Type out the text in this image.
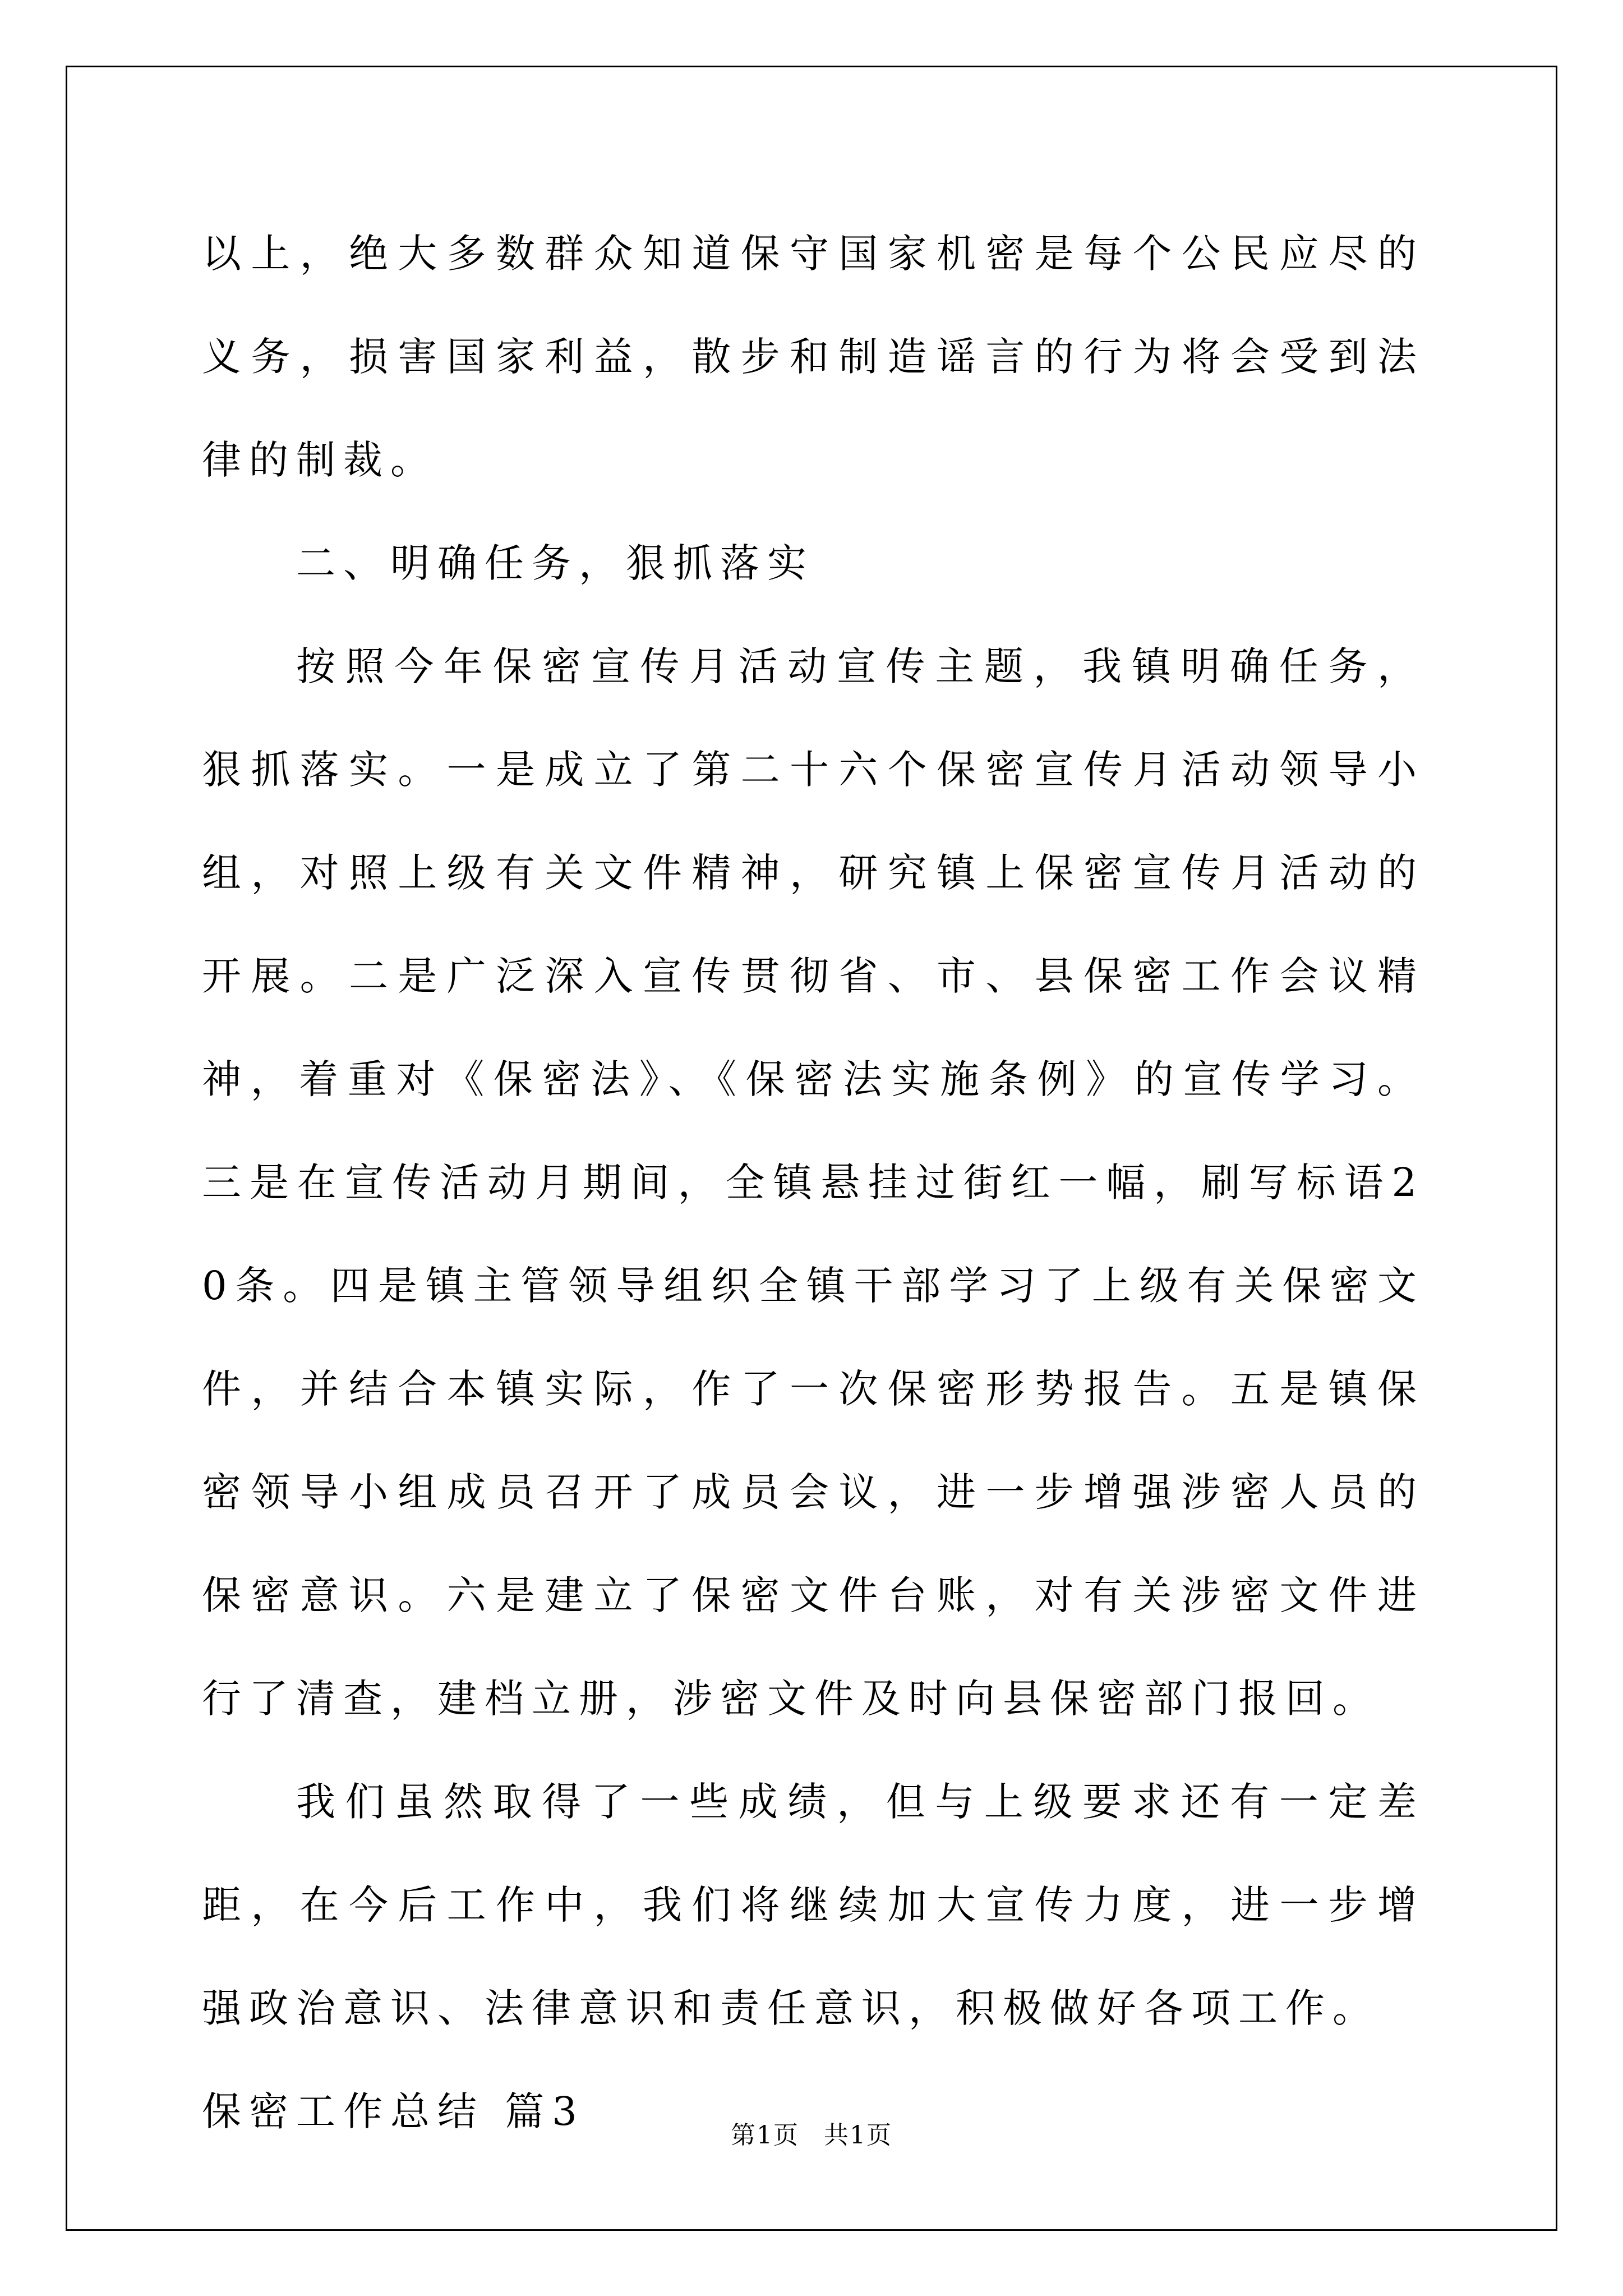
以上，绝大多数群众知道保守国家机密是每个公民应尽的义务，损害国家利益，散步和制造谣言的行为将会受到法律的制裁。

二、明确任务，狠抓落实

按照今年保密宣传月活动宣传主题，我镇明确任务，狠抓落实。一是成立了第二十六个保密宣传月活动领导小组，对照上级有关文件精神，研究镇上保密宣传月活动的开展。二是广泛深入宣传贯彻省、市、县保密工作会议精神，着重对《保密法》、《保密法实施条例》的宣传学习。三是在宣传活动月期间，全镇悬挂过街红一幅，刷写标语20条。四是镇主管领导组织全镇干部学习了上级有关保密文件，并结合本镇实际，作了一次保密形势报告。五是镇保密领导小组成员召开了成员会议，进一步增强涉密人员的保密意识。六是建立了保密文件台账，对有关涉密文件进行了清查，建档立册，涉密文件及时向县保密部门报回。

我们虽然取得了一些成绩，但与上级要求还有一定差距，在今后工作中，我们将继续加大宣传力度，进一步增强政治意识、法律意识和责任意识，积极做好各项工作。

保密工作总结 篇3

第1页 共1页
